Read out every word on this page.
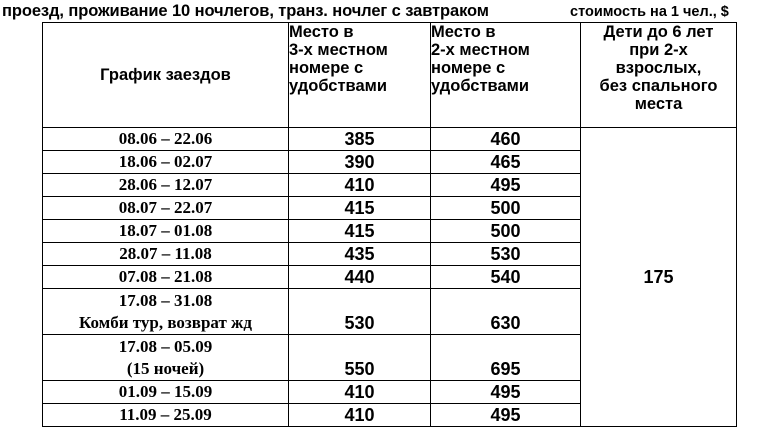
проезд, проживание 10 ночлегов, транз. ночлег с завтраком	стоимость на 1 чел., $
График заездов	Место в
3-х местном
номере с
удобствами	Место в
2-х местном
номере с
удобствами	Дети до 6 лет
при 2-х
взрослых,
без спального
места

08.06 – 22.06	385	460	175

18.06 – 02.07	390	465	

28.06 – 12.07	410	495	

08.07 – 22.07	415	500	

18.07 – 01.08	415	500	

28.07 – 11.08	435	530	

07.08 – 21.08	440	540	

17.08 – 31.08
Комби тур, возврат жд	530	630	

17.08 – 05.09
(15 ночей)	550	695	

01.09 – 15.09	410	495	

11.09 – 25.09	410	495	
